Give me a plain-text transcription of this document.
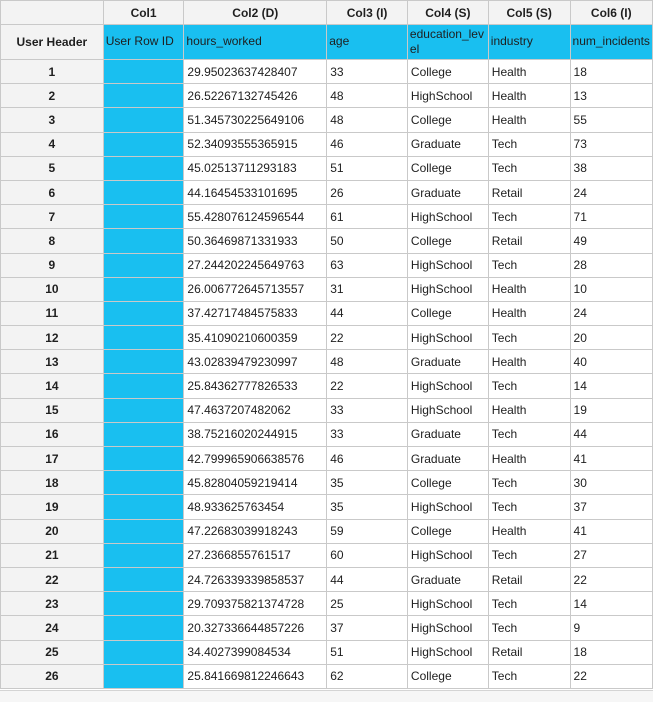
	Col1	Col2 (D)	Col3 (I)	Col4 (S)	Col5 (S)	Col6 (I)
User Header	User Row ID	hours_worked	age	education_level	industry	num_incidents
1		29.95023637428407	33	College	Health	18
2		26.52267132745426	48	HighSchool	Health	13
3		51.345730225649106	48	College	Health	55
4		52.34093555365915	46	Graduate	Tech	73
5		45.02513711293183	51	College	Tech	38
6		44.16454533101695	26	Graduate	Retail	24
7		55.428076124596544	61	HighSchool	Tech	71
8		50.36469871331933	50	College	Retail	49
9		27.244202245649763	63	HighSchool	Tech	28
10		26.006772645713557	31	HighSchool	Health	10
11		37.42717484575833	44	College	Health	24
12		35.41090210600359	22	HighSchool	Tech	20
13		43.02839479230997	48	Graduate	Health	40
14		25.84362777826533	22	HighSchool	Tech	14
15		47.4637207482062	33	HighSchool	Health	19
16		38.75216020244915	33	Graduate	Tech	44
17		42.799965906638576	46	Graduate	Health	41
18		45.82804059219414	35	College	Tech	30
19		48.933625763454	35	HighSchool	Tech	37
20		47.22683039918243	59	College	Health	41
21		27.2366855761517	60	HighSchool	Tech	27
22		24.726339339858537	44	Graduate	Retail	22
23		29.709375821374728	25	HighSchool	Tech	14
24		20.327336644857226	37	HighSchool	Tech	9
25		34.4027399084534	51	HighSchool	Retail	18
26		25.841669812246643	62	College	Tech	22
